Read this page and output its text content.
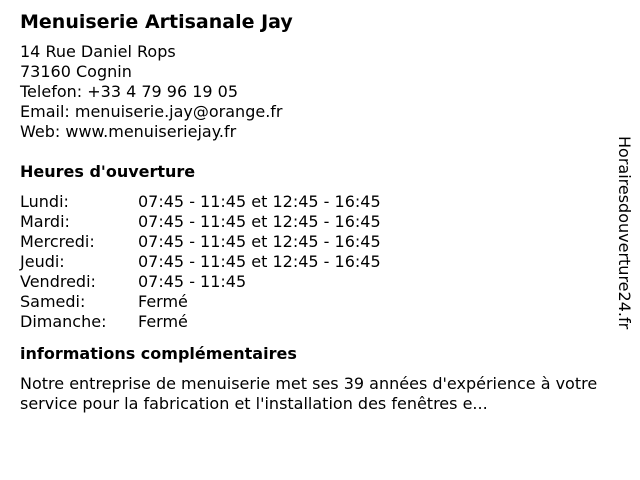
Menuiserie Artisanale Jay
14 Rue Daniel Rops
73160 Cognin
Telefon: +33 4 79 96 19 05
Email: menuiserie.jay@orange.fr
Web: www.menuiseriejay.fr
Heures d'ouverture
Lundi:	07:45 - 11:45 et 12:45 - 16:45
Mardi:	07:45 - 11:45 et 12:45 - 16:45
Mercredi:	07:45 - 11:45 et 12:45 - 16:45
Jeudi:	07:45 - 11:45 et 12:45 - 16:45
Vendredi:	07:45 - 11:45
Samedi:	Fermé
Dimanche:	Fermé
informations complémentaires
Notre entreprise de menuiserie met ses 39 années d'expérience à votre service pour la fabrication et l'installation des fenêtres e...
Horairesdouverture24.fr
